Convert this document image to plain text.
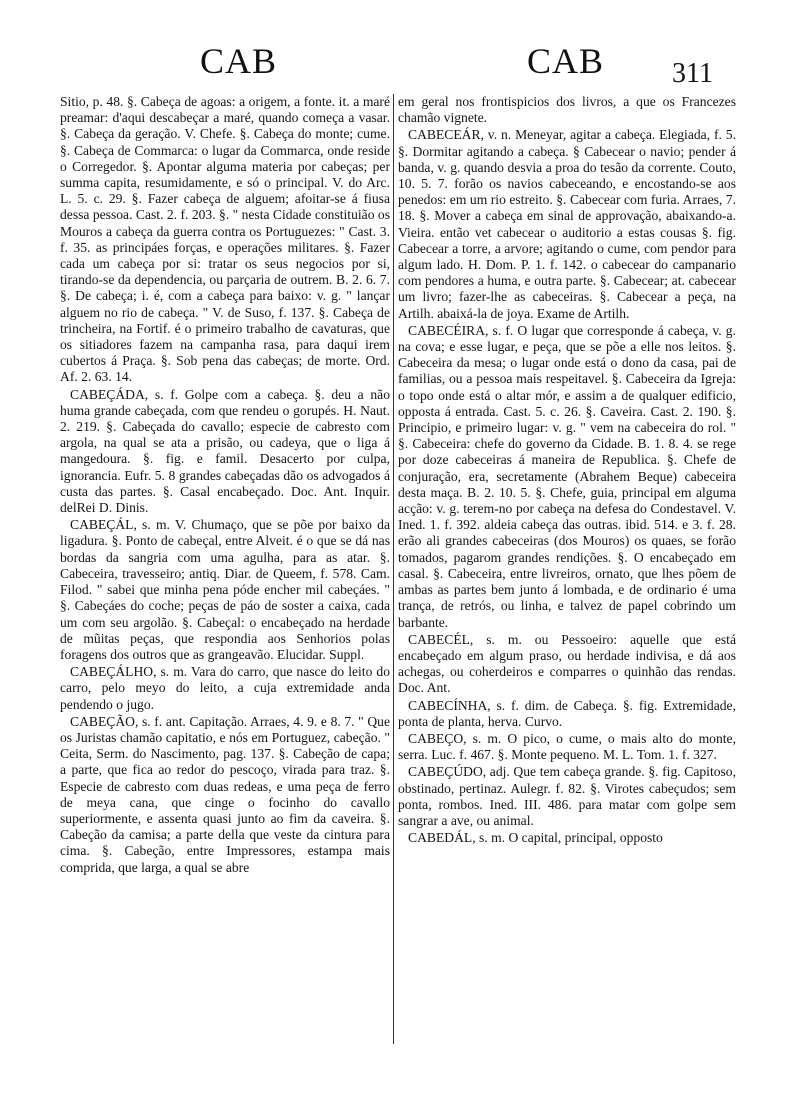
CAB	CAB 311

Sitio, p. 48. §. Cabeça de agoas: a origem, a fonte. it. a maré preamar: d'aqui descabeçar a maré, quando começa a vasar. §. Cabeça da geração. V. Chefe. §. Cabeça do monte; cume. §. Cabeça de Commarca: o lugar da Commarca, onde reside o Corregedor. §. Apontar alguma materia por cabeças; per summa capita, resumidamente, e só o principal. V. do Arc. L. 5. c. 29. §. Fazer cabeça de alguem; afoitar-se á fiusa dessa pessoa. Cast. 2. f. 203. §. " nesta Cidade constituião os Mouros a cabeça da guerra contra os Portuguezes: " Cast. 3. f. 35. as principáes forças, e operações militares. §. Fazer cada um cabeça por si: tratar os seus negocios por si, tirando-se da dependencia, ou parçaria de outrem. B. 2. 6. 7. §. De cabeça; i. é, com a cabeça para baixo: v. g. " lançar alguem no rio de cabeça. " V. de Suso, f. 137. §. Cabeça de trincheira, na Fortif. é o primeiro trabalho de cavaturas, que os sitiadores fazem na campanha rasa, para daqui irem cubertos á Praça. §. Sob pena das cabeças; de morte. Ord. Af. 2. 63. 14.

CABEÇÁDA, s. f. Golpe com a cabeça. §. deu a não huma grande cabeçada, com que rendeu o gorupés. H. Naut. 2. 219. §. Cabeçada do cavallo; especie de cabresto com argola, na qual se ata a prisão, ou cadeya, que o liga á mangedoura. §. fig. e famil. Desacerto por culpa, ignorancia. Eufr. 5. 8 grandes cabeçadas dão os advogados á custa das partes. §. Casal encabeçado. Doc. Ant. Inquir. delRei D. Dinis.

CABEÇÁL, s. m. V. Chumaço, que se põe por baixo da ligadura. §. Ponto de cabeçal, entre Alveit. é o que se dá nas bordas da sangria com uma agulha, para as atar. §. Cabeceira, travesseiro; antiq. Diar. de Queem, f. 578. Cam. Filod. " sabei que minha pena póde encher mil cabeçáes. " §. Cabeçáes do coche; peças de páo de soster a caixa, cada um com seu argolão. §. Cabeçal: o encabeçado na herdade de mũitas peças, que respondia aos Senhorios polas foragens dos outros que as grangeavão. Elucidar. Suppl.

CABEÇÁLHO, s. m. Vara do carro, que nasce do leito do carro, pelo meyo do leito, a cuja extremidade anda pendendo o jugo.

CABEÇÃO, s. f. ant. Capitação. Arraes, 4. 9. e 8. 7. " Que os Juristas chamão capitatio, e nós em Portuguez, cabeção. " Ceita, Serm. do Nascimento, pag. 137. §. Cabeção de capa; a parte, que fica ao redor do pescoço, virada para traz. §. Especie de cabresto com duas redeas, e uma peça de ferro de meya cana, que cinge o focinho do cavallo superiormente, e assenta quasi junto ao fim da caveira. §. Cabeção da camisa; a parte della que veste da cintura para cima. §. Cabeção, entre Impressores, estampa mais comprida, que larga, a qual se abre

em geral nos frontispicios dos livros, a que os Francezes chamão vignete.

CABECEÁR, v. n. Meneyar, agitar a cabeça. Elegiada, f. 5. §. Dormitar agitando a cabeça. § Cabecear o navio; pender á banda, v. g. quando desvia a proa do tesão da corrente. Couto, 10. 5. 7. forão os navios cabeceando, e encostando-se aos penedos: em um rio estreito. §. Cabecear com furia. Arraes, 7. 18. §. Mover a cabeça em sinal de approvação, abaixando-a. Vieira. então vet cabecear o auditorio a estas cousas §. fig. Cabecear a torre, a arvore; agitando o cume, com pendor para algum lado. H. Dom. P. 1. f. 142. o cabecear do campanario com pendores a huma, e outra parte. §. Cabecear; at. cabecear um livro; fazer-lhe as cabeceiras. §. Cabecear a peça, na Artilh. abaixá-la de joya. Exame de Artilh.

CABECÉIRA, s. f. O lugar que corresponde á cabeça, v. g. na cova; e esse lugar, e peça, que se põe a elle nos leitos. §. Cabeceira da mesa; o lugar onde está o dono da casa, pai de familias, ou a pessoa mais respeitavel. §. Cabeceira da Igreja: o topo onde está o altar mór, e assim a de qualquer edificio, opposta á entrada. Cast. 5. c. 26. §. Caveira. Cast. 2. 190. §. Principio, e primeiro lugar: v. g. " vem na cabeceira do rol. " §. Cabeceira: chefe do governo da Cidade. B. 1. 8. 4. se rege por doze cabeceiras á maneira de Republica. §. Chefe de conjuração, era, secretamente (Abrahem Beque) cabeceira desta maça. B. 2. 10. 5. §. Chefe, guia, principal em alguma acção: v. g. terem-no por cabeça na defesa do Condestavel. V. Ined. 1. f. 392. aldeia cabeça das outras. ibid. 514. e 3. f. 28. erão ali grandes cabeceiras (dos Mouros) os quaes, se forão tomados, pagarom grandes rendições. §. O encabeçado em casal. §. Cabeceira, entre livreiros, ornato, que lhes põem de ambas as partes bem junto á lombada, e de ordinario é uma trança, de retrós, ou linha, e talvez de papel cobrindo um barbante.

CABECÉL, s. m. ou Pessoeiro: aquelle que está encabeçado em algum praso, ou herdade indivisa, e dá aos achegas, ou coherdeiros e comparres o quinhão das rendas. Doc. Ant.

CABECÍNHA, s. f. dim. de Cabeça. §. fig. Extremidade, ponta de planta, herva. Curvo.

CABEÇO, s. m. O pico, o cume, o mais alto do monte, serra. Luc. f. 467. §. Monte pequeno. M. L. Tom. 1. f. 327.

CABEÇÚDO, adj. Que tem cabeça grande. §. fig. Capitoso, obstinado, pertinaz. Aulegr. f. 82. §. Virotes cabeçudos; sem ponta, rombos. Ined. III. 486. para matar com golpe sem sangrar a ave, ou animal.

CABEDÁL, s. m. O capital, principal, opposto
